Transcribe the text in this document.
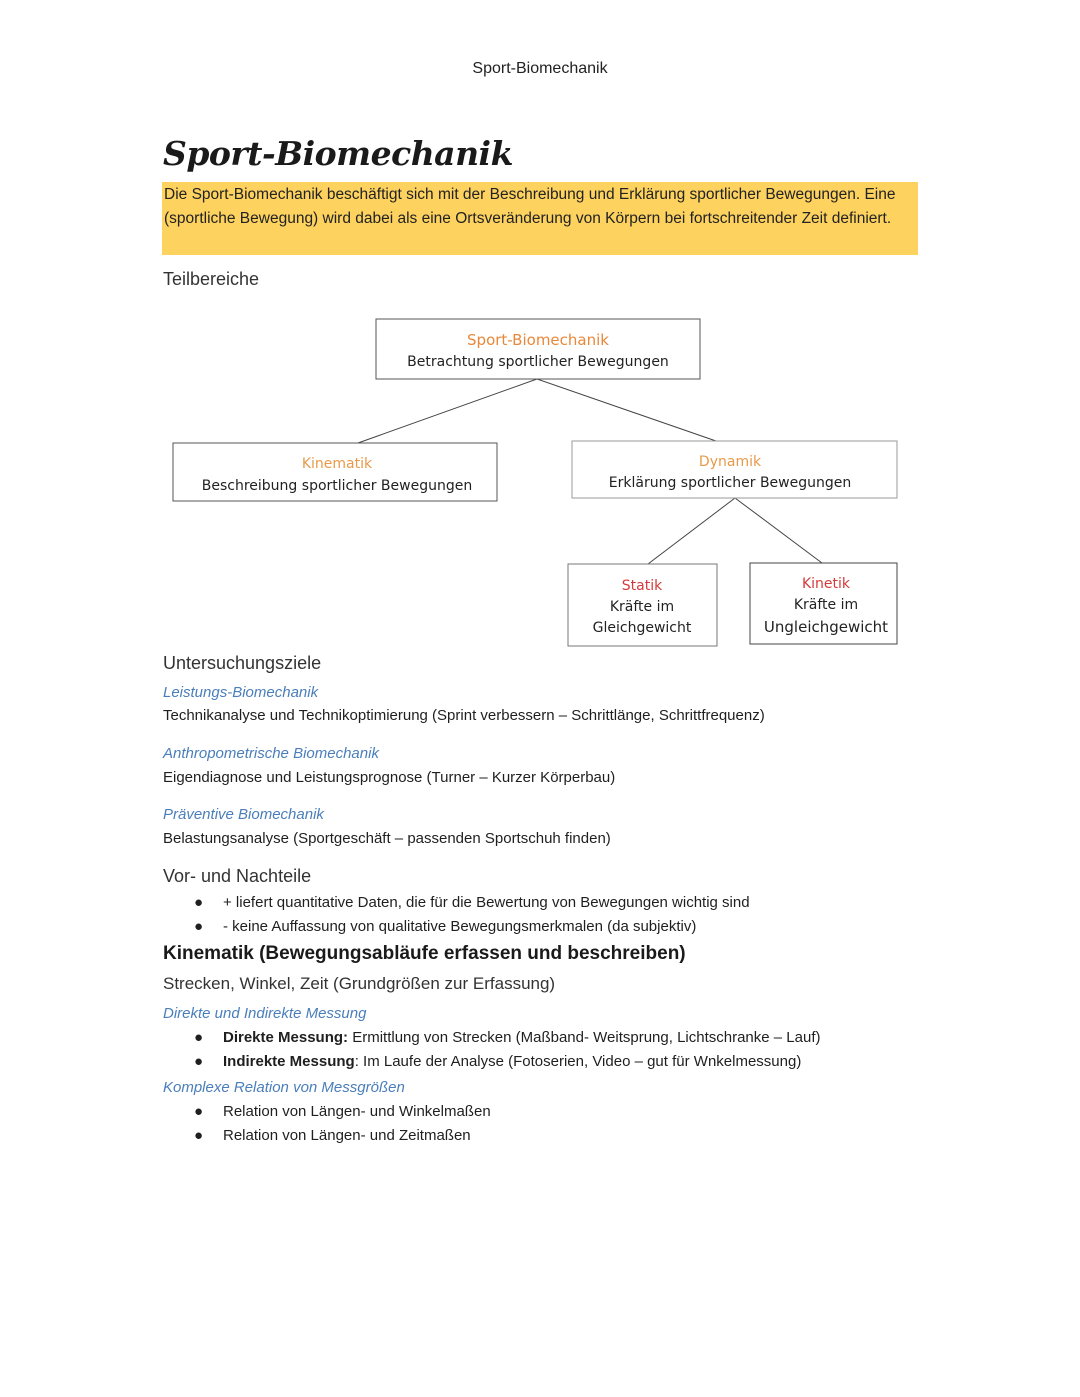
Sport-Biomechanik
Sport-Biomechanik
Die Sport-Biomechanik beschäftigt sich mit der Beschreibung und Erklärung sportlicher Bewegungen. Eine (sportliche Bewegung) wird dabei als eine Ortsveränderung von Körpern bei fortschreitender Zeit definiert.
Teilbereiche
Sport-Biomechanik
Betrachtung sportlicher Bewegungen
Kinematik
Beschreibung sportlicher Bewegungen
Dynamik
Erklärung sportlicher Bewegungen
Statik
Kräfte im
Gleichgewicht
Kinetik
Kräfte im
Ungleichgewicht
Untersuchungsziele
Leistungs-Biomechanik
Technikanalyse und Technikoptimierung (Sprint verbessern – Schrittlänge, Schrittfrequenz)
Anthropometrische Biomechanik
Eigendiagnose und Leistungsprognose (Turner – Kurzer Körperbau)
Präventive Biomechanik
Belastungsanalyse (Sportgeschäft – passenden Sportschuh finden)
Vor- und Nachteile
● + liefert quantitative Daten, die für die Bewertung von Bewegungen wichtig sind
● - keine Auffassung von qualitative Bewegungsmerkmalen (da subjektiv)
Kinematik (Bewegungsabläufe erfassen und beschreiben)
Strecken, Winkel, Zeit (Grundgrößen zur Erfassung)
Direkte und Indirekte Messung
● Direkte Messung: Ermittlung von Strecken (Maßband- Weitsprung, Lichtschranke – Lauf)
● Indirekte Messung: Im Laufe der Analyse (Fotoserien, Video – gut für Wnkelmessung)
Komplexe Relation von Messgrößen
● Relation von Längen- und Winkelmaßen
● Relation von Längen- und Zeitmaßen
